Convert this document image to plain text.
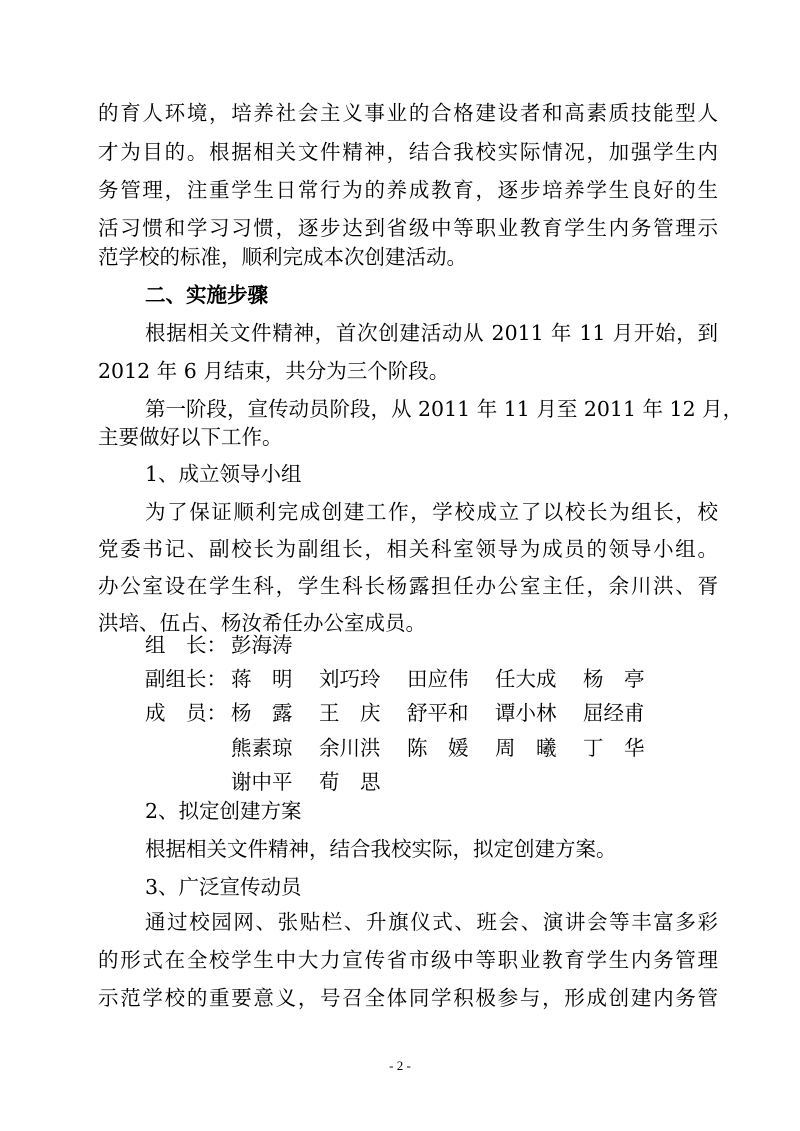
的育人环境，培养社会主义事业的合格建设者和高素质技能型人
才为目的。根据相关文件精神，结合我校实际情况，加强学生内
务管理，注重学生日常行为的养成教育，逐步培养学生良好的生
活习惯和学习习惯，逐步达到省级中等职业教育学生内务管理示
范学校的标准，顺利完成本次创建活动。
二、实施步骤
根据相关文件精神，首次创建活动从 2011 年 11 月开始，到
2012 年 6 月结束，共分为三个阶段。
第一阶段，宣传动员阶段，从 2011 年 11 月至 2011 年 12 月，
主要做好以下工作。
1、成立领导小组
为了保证顺利完成创建工作，学校成立了以校长为组长，校
党委书记、副校长为副组长，相关科室领导为成员的领导小组。
办公室设在学生科，学生科长杨露担任办公室主任，余川洪、胥
洪培、伍占、杨汝希任办公室成员。
组　长： 彭海涛
副组长： 蒋　明 刘巧玲 田应伟 任大成 杨　亭
成　员： 杨　露 王　庆 舒平和 谭小林 屈经甫
熊素琼 余川洪 陈　媛 周　曦 丁　华
谢中平 荀　思
2、拟定创建方案
根据相关文件精神，结合我校实际，拟定创建方案。
3、广泛宣传动员
通过校园网、张贴栏、升旗仪式、班会、演讲会等丰富多彩
的形式在全校学生中大力宣传省市级中等职业教育学生内务管理
示范学校的重要意义，号召全体同学积极参与，形成创建内务管
- 2 -
